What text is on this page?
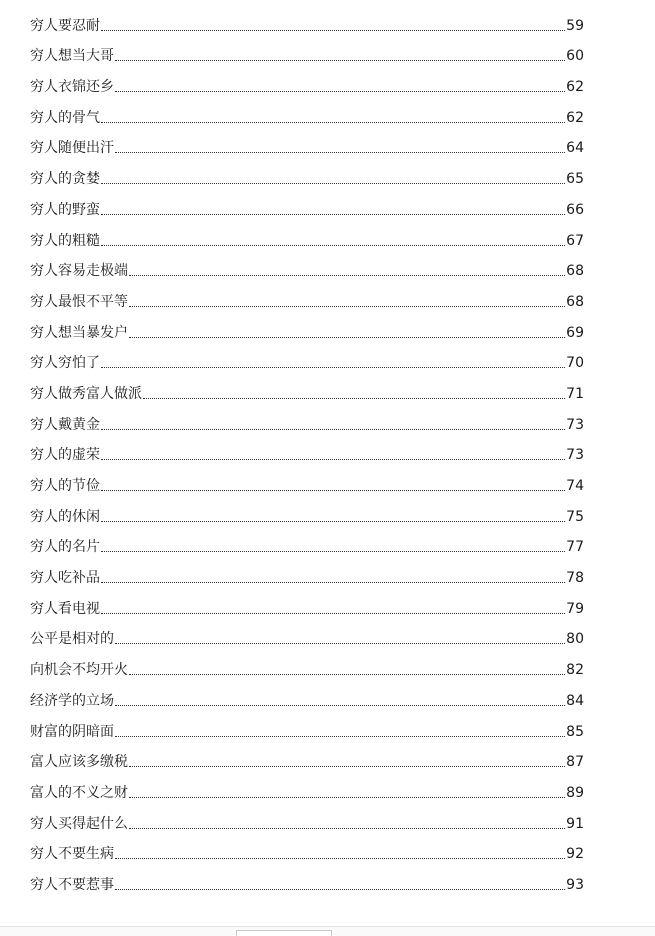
穷人要忍耐	59
穷人想当大哥	60
穷人衣锦还乡	62
穷人的骨气	62
穷人随便出汗	64
穷人的贪婪	65
穷人的野蛮	66
穷人的粗糙	67
穷人容易走极端	68
穷人最恨不平等	68
穷人想当暴发户	69
穷人穷怕了	70
穷人做秀富人做派	71
穷人戴黄金	73
穷人的虚荣	73
穷人的节俭	74
穷人的休闲	75
穷人的名片	77
穷人吃补品	78
穷人看电视	79
公平是相对的	80
向机会不均开火	82
经济学的立场	84
财富的阴暗面	85
富人应该多缴税	87
富人的不义之财	89
穷人买得起什么	91
穷人不要生病	92
穷人不要惹事	93
